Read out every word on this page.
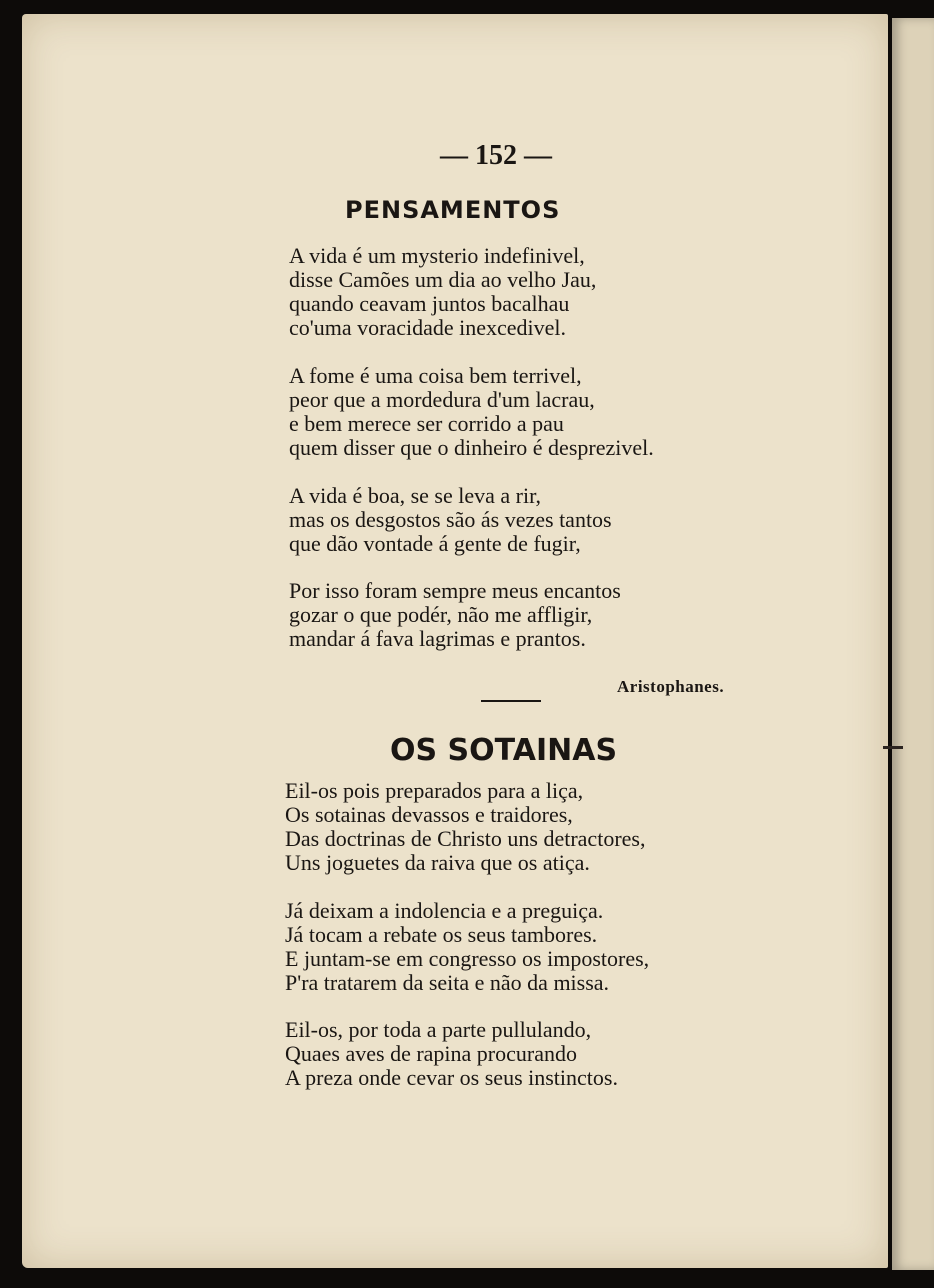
— 152 —
PENSAMENTOS
A vida é um mysterio indefinivel,
disse Camões um dia ao velho Jau,
quando ceavam juntos bacalhau
co'uma voracidade inexcedivel.
A fome é uma coisa bem terrivel,
peor que a mordedura d'um lacrau,
e bem merece ser corrido a pau
quem disser que o dinheiro é desprezivel.
A vida é boa, se se leva a rir,
mas os desgostos são ás vezes tantos
que dão vontade á gente de fugir,
Por isso foram sempre meus encantos
gozar o que podér, não me affligir,
mandar á fava lagrimas e prantos.
Aristophanes.
OS SOTAINAS
Eil-os pois preparados para a liça,
Os sotainas devassos e traidores,
Das doctrinas de Christo uns detractores,
Uns joguetes da raiva que os atiça.
Já deixam a indolencia e a preguiça.
Já tocam a rebate os seus tambores.
E juntam-se em congresso os impostores,
P'ra tratarem da seita e não da missa.
Eil-os, por toda a parte pullulando,
Quaes aves de rapina procurando
A preza onde cevar os seus instinctos.
